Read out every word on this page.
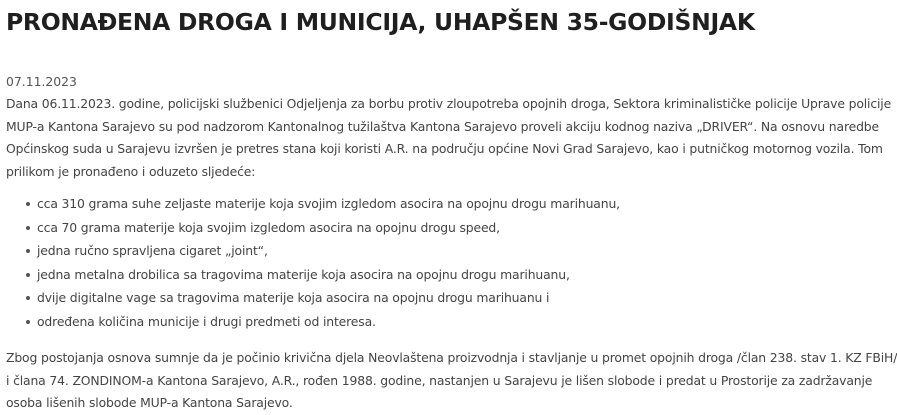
PRONAĐENA DROGA I MUNICIJA, UHAPŠEN 35-GODIŠNJAK
07.11.2023
Dana 06.11.2023. godine, policijski službenici Odjeljenja za borbu protiv zloupotreba opojnih droga, Sektora kriminalističke policije Uprave policije
MUP-a Kantona Sarajevo su pod nadzorom Kantonalnog tužilaštva Kantona Sarajevo proveli akciju kodnog naziva „DRIVER“. Na osnovu naredbe
Općinskog suda u Sarajevu izvršen je pretres stana koji koristi A.R. na području općine Novi Grad Sarajevo, kao i putničkog motornog vozila. Tom
prilikom je pronađeno i oduzeto sljedeće:
cca 310 grama suhe zeljaste materije koja svojim izgledom asocira na opojnu drogu marihuanu,
cca 70 grama materije koja svojim izgledom asocira na opojnu drogu speed,
jedna ručno spravljena cigaret „joint“,
jedna metalna drobilica sa tragovima materije koja asocira na opojnu drogu marihuanu,
dvije digitalne vage sa tragovima materije koja asocira na opojnu drogu marihuanu i
određena količina municije i drugi predmeti od interesa.
Zbog postojanja osnova sumnje da je počinio krivična djela Neovlaštena proizvodnja i stavljanje u promet opojnih droga /član 238. stav 1. KZ FBiH/
i člana 74. ZONDINOM-a Kantona Sarajevo, A.R., rođen 1988. godine, nastanjen u Sarajevu je lišen slobode i predat u Prostorije za zadržavanje
osoba lišenih slobode MUP-a Kantona Sarajevo.
